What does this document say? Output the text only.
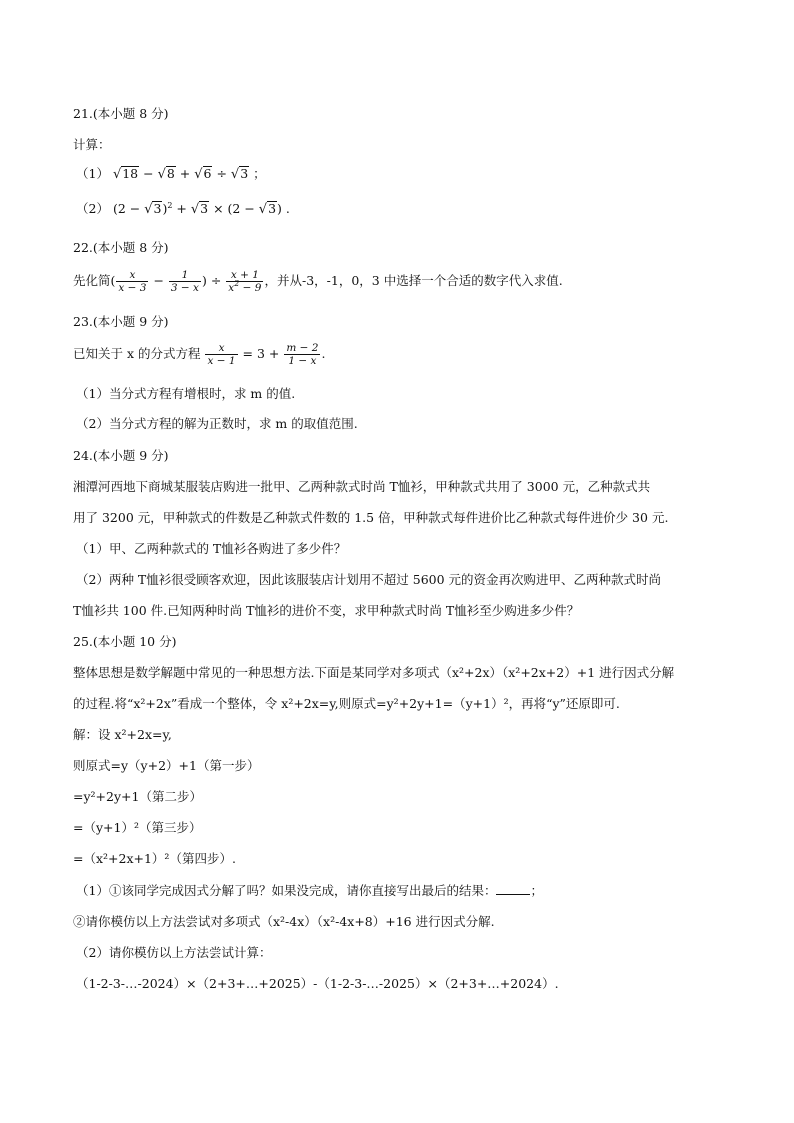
21.(本小题 8 分)
计算：
（1） √18 − √8 + √6 ÷ √3 ；
（2） $(2 - √3)^2 + √3 \times (2 - √3)$ .
22.(本小题 8 分)
先化简( $\frac{x}{x - 3} - \frac{1}{3 - x}$ ) ÷ $\frac{x + 1}{x^2 - 9}$ ，并从-3，-1，0，3 中选择一个合适的数字代入求值.
23.(本小题 9 分)
已知关于 x 的分式方程 $\frac{x}{x - 1} = 3 + \frac{m - 2}{1 - x}$ .
（1）当分式方程有增根时，求 m 的值.
（2）当分式方程的解为正数时，求 m 的取值范围.
24.(本小题 9 分)
湘潭河西地下商城某服装店购进一批甲、乙两种款式时尚 T恤衫，甲种款式共用了 3000 元，乙种款式共
用了 3200 元，甲种款式的件数是乙种款式件数的 1.5 倍，甲种款式每件进价比乙种款式每件进价少 30 元.
（1）甲、乙两种款式的 T恤衫各购进了多少件？
（2）两种 T恤衫很受顾客欢迎，因此该服装店计划用不超过 5600 元的资金再次购进甲、乙两种款式时尚
T恤衫共 100 件.已知两种时尚 T恤衫的进价不变，求甲种款式时尚 T恤衫至少购进多少件？
25.(本小题 10 分)
整体思想是数学解题中常见的一种思想方法.下面是某同学对多项式（x²+2x）（x²+2x+2）+1 进行因式分解
的过程.将“x²+2x”看成一个整体，令 x²+2x=y,则原式=y²+2y+1=（y+1）²，再将“y”还原即可.
解：设 x²+2x=y,
则原式=y（y+2）+1（第一步）
=y²+2y+1（第二步）
=（y+1）²（第三步）
=（x²+2x+1）²（第四步）.
（1）①该同学完成因式分解了吗？如果没完成，请你直接写出最后的结果：	；
②请你模仿以上方法尝试对多项式（x²-4x）（x²-4x+8）+16 进行因式分解.
（2）请你模仿以上方法尝试计算：
（1-2-3-…-2024）×（2+3+…+2025）-（1-2-3-…-2025）×（2+3+…+2024）.
